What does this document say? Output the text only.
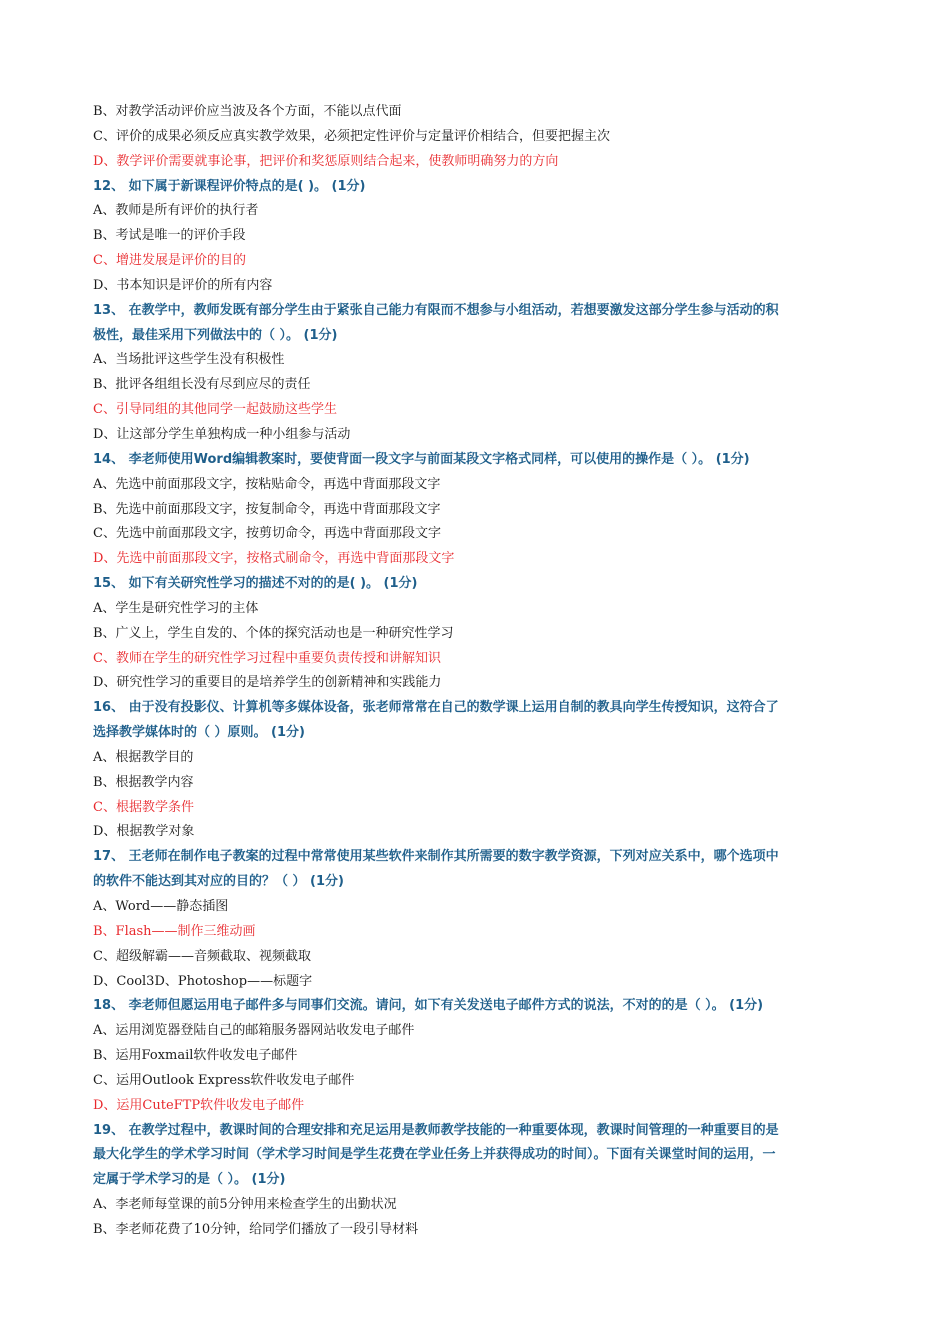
B、对教学活动评价应当波及各个方面，不能以点代面
C、评价的成果必须反应真实教学效果，必须把定性评价与定量评价相结合，但要把握主次
D、教学评价需要就事论事，把评价和奖惩原则结合起来，使教师明确努力的方向
12、 如下属于新课程评价特点的是( )。 (1分)
A、教师是所有评价的执行者
B、考试是唯一的评价手段
C、增进发展是评价的目的
D、书本知识是评价的所有内容
13、 在教学中，教师发既有部分学生由于紧张自己能力有限而不想参与小组活动，若想要激发这部分学生参与活动的积
极性，最佳采用下列做法中的（ ）。 (1分)
A、当场批评这些学生没有积极性
B、批评各组组长没有尽到应尽的责任
C、引导同组的其他同学一起鼓励这些学生
D、让这部分学生单独构成一种小组参与活动
14、 李老师使用Word编辑教案时，要使背面一段文字与前面某段文字格式同样，可以使用的操作是（ ）。 (1分)
A、先选中前面那段文字，按粘贴命令，再选中背面那段文字
B、先选中前面那段文字，按复制命令，再选中背面那段文字
C、先选中前面那段文字，按剪切命令，再选中背面那段文字
D、先选中前面那段文字，按格式刷命令，再选中背面那段文字
15、 如下有关研究性学习的描述不对的的是( )。 (1分)
A、学生是研究性学习的主体
B、广义上，学生自发的、个体的探究活动也是一种研究性学习
C、教师在学生的研究性学习过程中重要负责传授和讲解知识
D、研究性学习的重要目的是培养学生的创新精神和实践能力
16、 由于没有投影仪、计算机等多媒体设备，张老师常常在自己的数学课上运用自制的教具向学生传授知识，这符合了
选择教学媒体时的（ ）原则。 (1分)
A、根据教学目的
B、根据教学内容
C、根据教学条件
D、根据教学对象
17、 王老师在制作电子教案的过程中常常使用某些软件来制作其所需要的数字教学资源，下列对应关系中，哪个选项中
的软件不能达到其对应的目的？（ ） (1分)
A、Word——静态插图
B、Flash——制作三维动画
C、超级解霸——音频截取、视频截取
D、Cool3D、Photoshop——标题字
18、 李老师但愿运用电子邮件多与同事们交流。请问，如下有关发送电子邮件方式的说法，不对的的是（ ）。 (1分)
A、运用浏览器登陆自己的邮箱服务器网站收发电子邮件
B、运用Foxmail软件收发电子邮件
C、运用Outlook Express软件收发电子邮件
D、运用CuteFTP软件收发电子邮件
19、 在教学过程中，教课时间的合理安排和充足运用是教师教学技能的一种重要体现，教课时间管理的一种重要目的是
最大化学生的学术学习时间（学术学习时间是学生花费在学业任务上并获得成功的时间）。下面有关课堂时间的运用，一
定属于学术学习的是（ ）。 (1分)
A、李老师每堂课的前5分钟用来检查学生的出勤状况
B、李老师花费了10分钟，给同学们播放了一段引导材料
